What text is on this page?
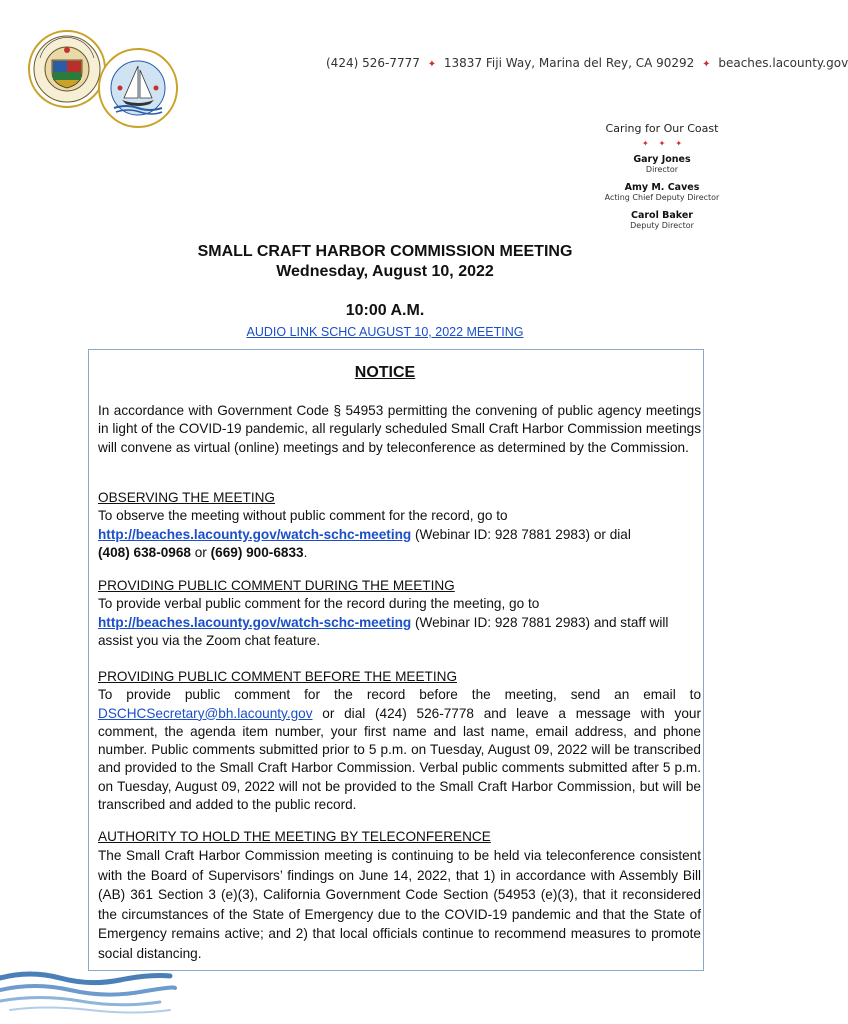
(424) 526-7777 ✦ 13837 Fiji Way, Marina del Rey, CA 90292 ✦ beaches.lacounty.gov
Caring for Our Coast
✦✦✦
Gary Jones
Director
Amy M. Caves
Acting Chief Deputy Director
Carol Baker
Deputy Director
SMALL CRAFT HARBOR COMMISSION MEETING
Wednesday, August 10, 2022
10:00 A.M.
AUDIO LINK SCHC AUGUST 10, 2022 MEETING
NOTICE
In accordance with Government Code § 54953 permitting the convening of public agency meetings in light of the COVID-19 pandemic, all regularly scheduled Small Craft Harbor Commission meetings will convene as virtual (online) meetings and by teleconference as determined by the Commission.
OBSERVING THE MEETING
To observe the meeting without public comment for the record, go to
http://beaches.lacounty.gov/watch-schc-meeting (Webinar ID: 928 7881 2983) or dial
(408) 638-0968 or (669) 900-6833.
PROVIDING PUBLIC COMMENT DURING THE MEETING
To provide verbal public comment for the record during the meeting, go to
http://beaches.lacounty.gov/watch-schc-meeting (Webinar ID: 928 7881 2983) and staff will assist you via the Zoom chat feature.
PROVIDING PUBLIC COMMENT BEFORE THE MEETING
To provide public comment for the record before the meeting, send an email to DSCHCSecretary@bh.lacounty.gov or dial (424) 526-7778 and leave a message with your comment, the agenda item number, your first name and last name, email address, and phone number. Public comments submitted prior to 5 p.m. on Tuesday, August 09, 2022 will be transcribed and provided to the Small Craft Harbor Commission. Verbal public comments submitted after 5 p.m. on Tuesday, August 09, 2022 will not be provided to the Small Craft Harbor Commission, but will be transcribed and added to the public record.
AUTHORITY TO HOLD THE MEETING BY TELECONFERENCE
The Small Craft Harbor Commission meeting is continuing to be held via teleconference consistent with the Board of Supervisors’ findings on June 14, 2022, that 1) in accordance with Assembly Bill (AB) 361 Section 3 (e)(3), California Government Code Section (54953 (e)(3), that it reconsidered the circumstances of the State of Emergency due to the COVID-19 pandemic and that the State of Emergency remains active; and 2) that local officials continue to recommend measures to promote social distancing.
